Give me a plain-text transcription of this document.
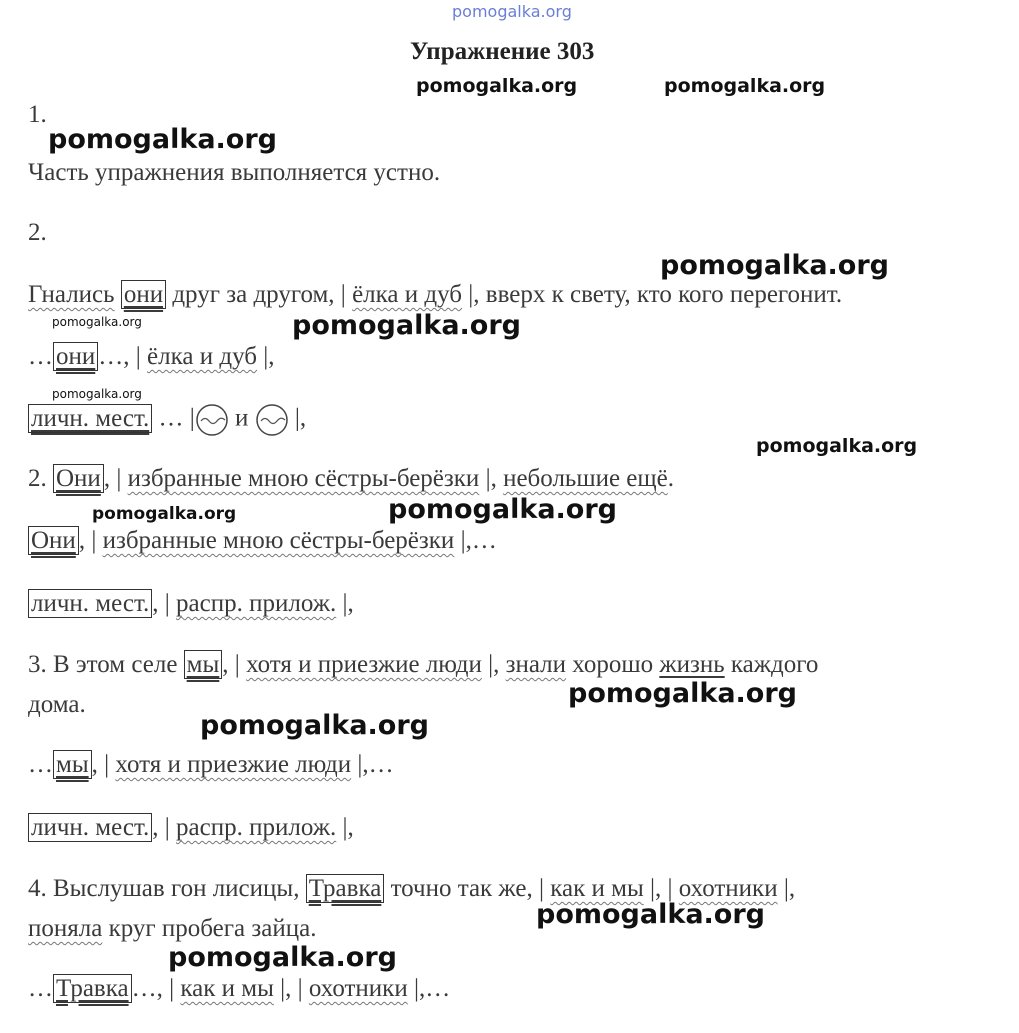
pomogalka.org
pomogalka.org	pomogalka.org
pomogalka.org
pomogalka.org
pomogalka.org	pomogalka.org
pomogalka.org
pomogalka.org
pomogalka.org	pomogalka.org
pomogalka.org
pomogalka.org
pomogalka.org
pomogalka.org
Упражнение 303
1.
Часть упражнения выполняется устно.
2.
Гнались они друг за другом, | ёлка и дуб |, вверх к свету, кто кого перегонит.
… они …, | ёлка и дуб |,
личн. мест. … | и  |,
2. Они , | избранные мною сёстры-берёзки |, небольшие ещё.
Они , | избранные мною сёстры-берёзки |,…
личн. мест. , | распр. прилож. |,
3. В этом селе мы , | хотя и приезжие люди |, знали хорошо жизнь каждого
дома.
… мы , | хотя и приезжие люди |,…
личн. мест. , | распр. прилож. |,
4. Выслушав гон лисицы, Травка точно так же, | как и мы |, | охотники |,
поняла круг пробега зайца.
… Травка …, | как и мы |, | охотники |,…
